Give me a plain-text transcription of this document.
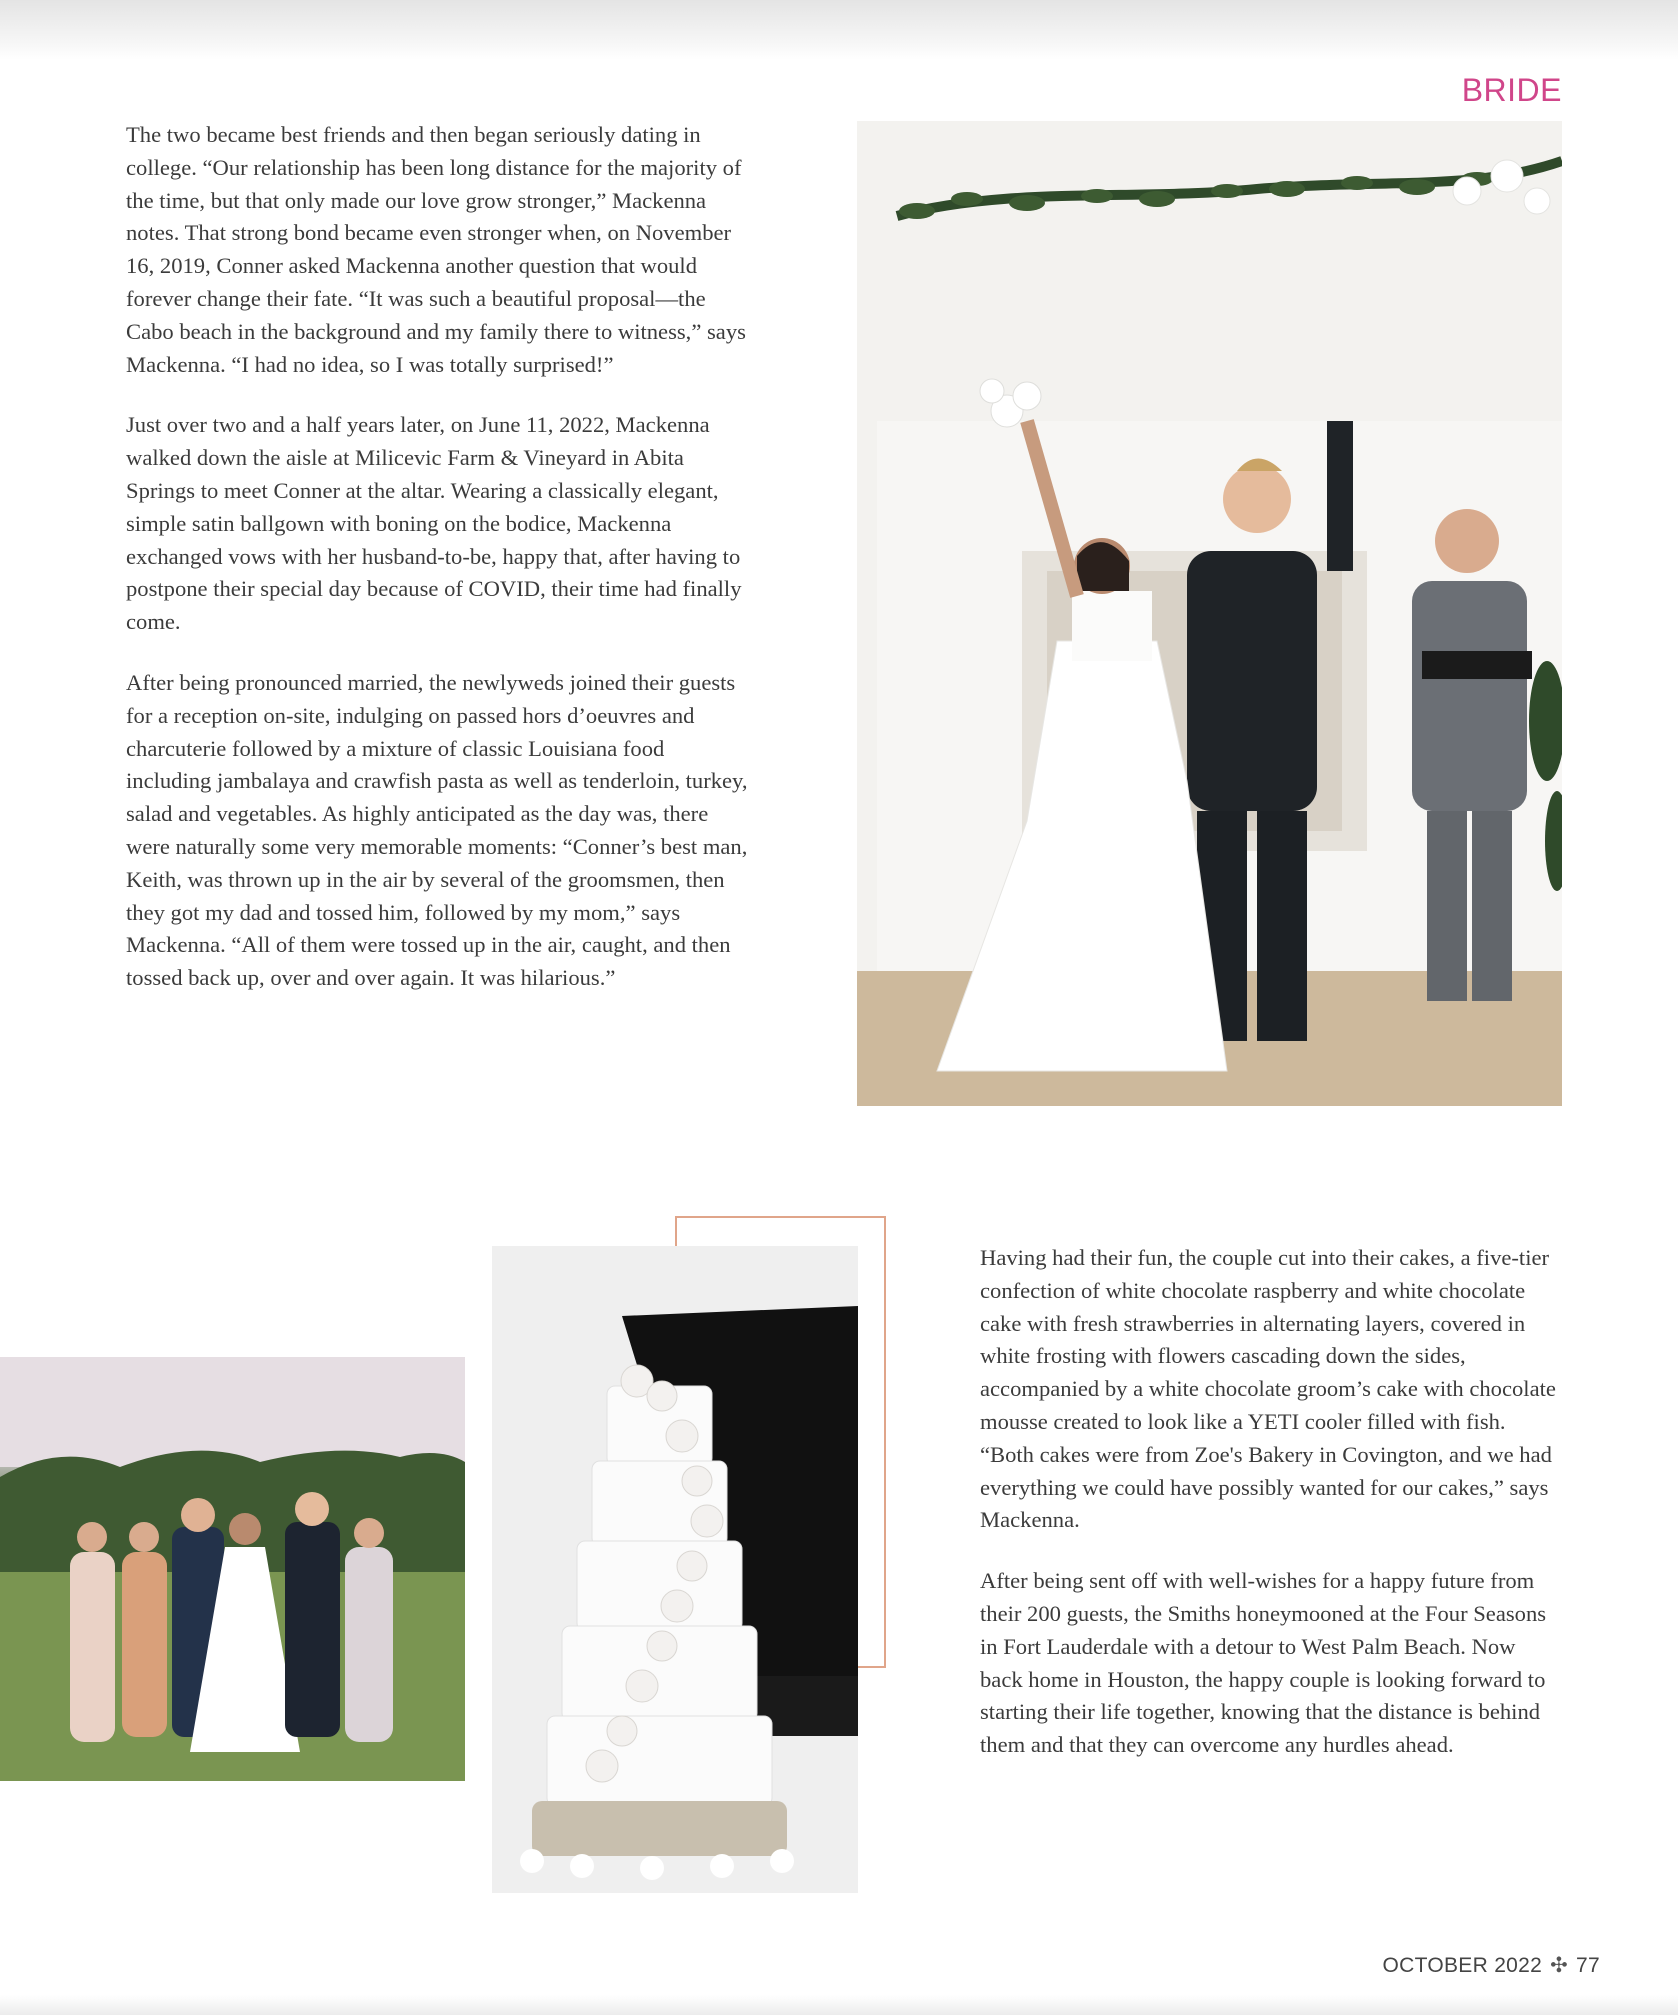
BRIDE

The two became best friends and then began seriously dating in college. “Our relationship has been long distance for the majority of the time, but that only made our love grow stronger,” Mackenna notes. That strong bond became even stronger when, on November 16, 2019, Conner asked Mackenna another question that would forever change their fate. “It was such a beautiful proposal—the Cabo beach in the background and my family there to witness,” says Mackenna. “I had no idea, so I was totally surprised!”

Just over two and a half years later, on June 11, 2022, Mackenna walked down the aisle at Milicevic Farm & Vineyard in Abita Springs to meet Conner at the altar. Wearing a classically elegant, simple satin ballgown with boning on the bodice, Mackenna exchanged vows with her husband-to-be, happy that, after having to postpone their special day because of COVID, their time had finally come.

After being pronounced married, the newlyweds joined their guests for a reception on-site, indulging on passed hors d’oeuvres and charcuterie followed by a mixture of classic Louisiana food including jambalaya and crawfish pasta as well as tenderloin, turkey, salad and vegetables. As highly anticipated as the day was, there were naturally some very memorable moments: “Conner’s best man, Keith, was thrown up in the air by several of the groomsmen, then they got my dad and tossed him, followed by my mom,” says Mackenna. “All of them were tossed up in the air, caught, and then tossed back up, over and over again. It was hilarious.”

Having had their fun, the couple cut into their cakes, a five-tier confection of white chocolate raspberry and white chocolate cake with fresh strawberries in alternating layers, covered in white frosting with flowers cascading down the sides, accompanied by a white chocolate groom’s cake with chocolate mousse created to look like a YETI cooler filled with fish. “Both cakes were from Zoe's Bakery in Covington, and we had everything we could have possibly wanted for our cakes,” says Mackenna.

After being sent off with well-wishes for a happy future from their 200 guests, the Smiths honeymooned at the Four Seasons in Fort Lauderdale with a detour to West Palm Beach. Now back home in Houston, the happy couple is looking forward to starting their life together, knowing that the distance is behind them and that they can overcome any hurdles ahead.

OCTOBER 2022 ✣ 77
